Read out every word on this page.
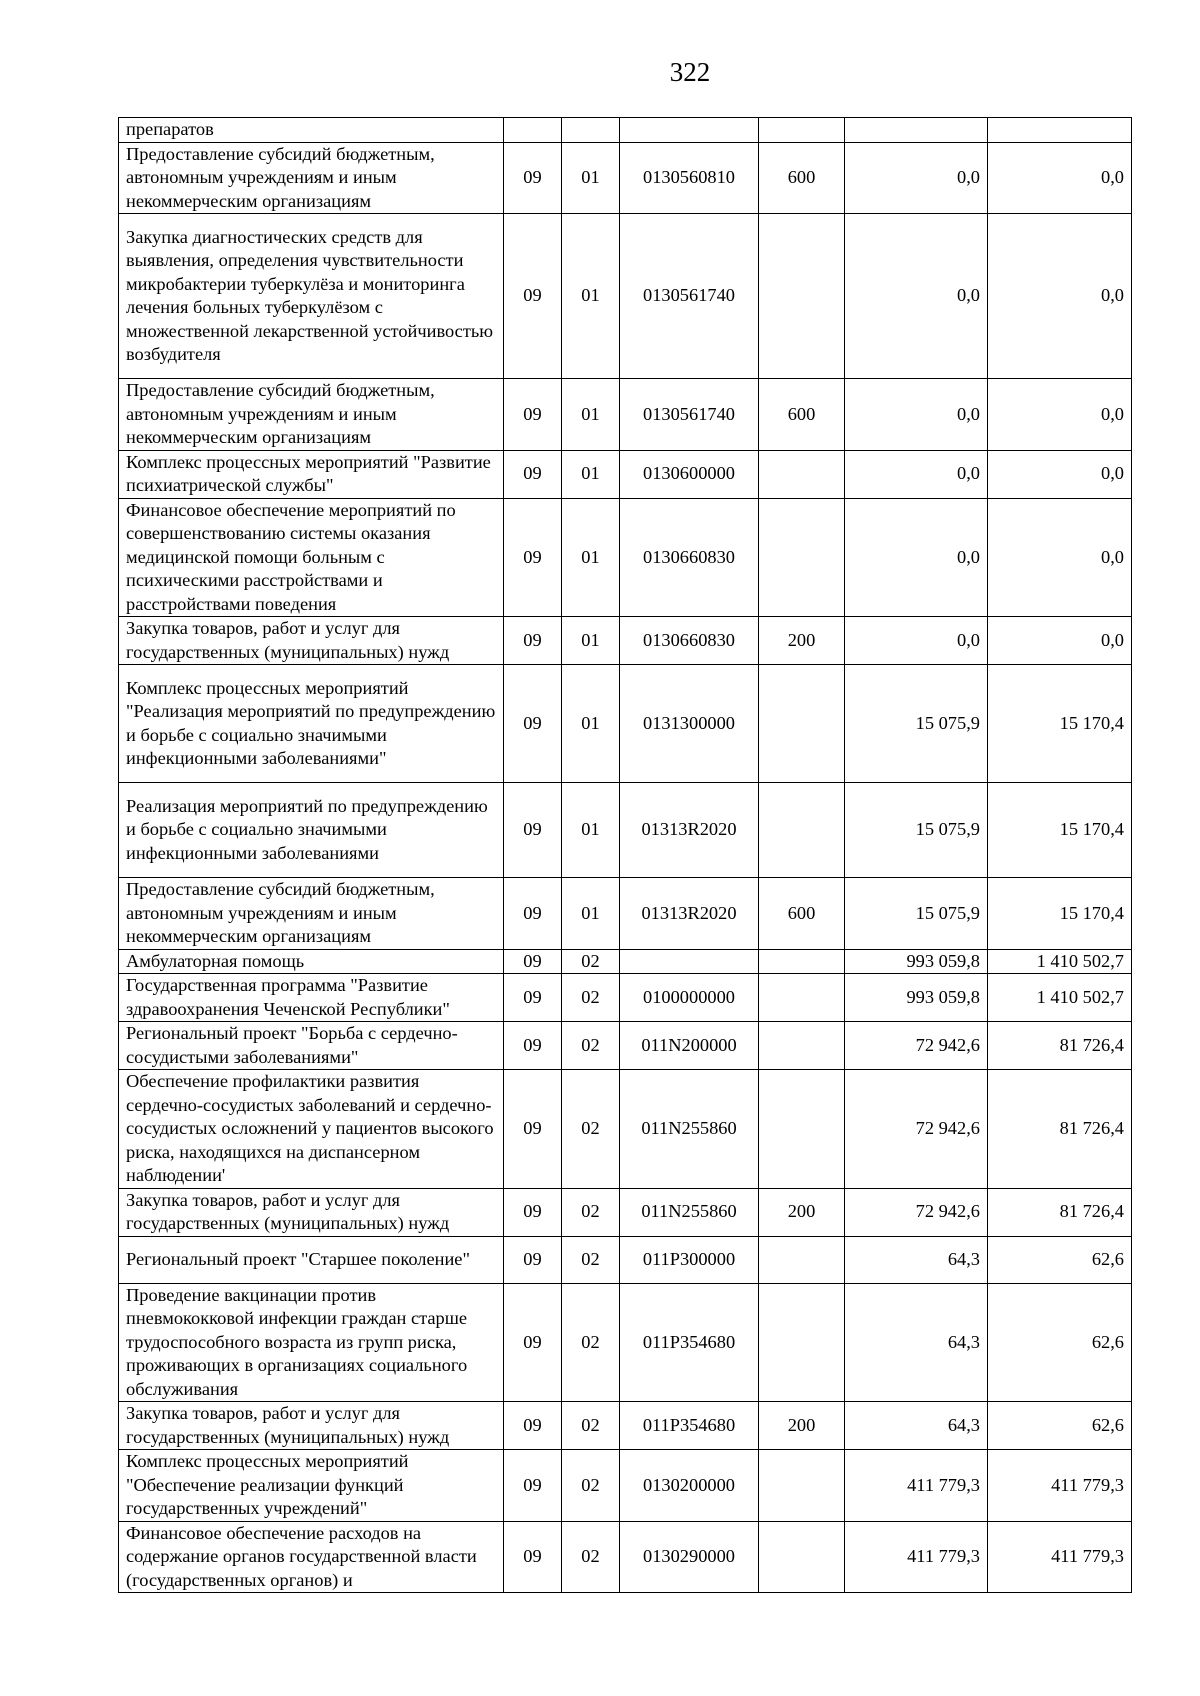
322
препаратов						
Предоставление субсидий бюджетным, автономным учреждениям и иным некоммерческим организациям	09	01	0130560810	600	0,0	0,0
Закупка диагностических средств для выявления, определения чувствительности микробактерии туберкулёза и мониторинга лечения больных туберкулёзом с множественной лекарственной устойчивостью возбудителя	09	01	0130561740		0,0	0,0
Предоставление субсидий бюджетным, автономным учреждениям и иным некоммерческим организациям	09	01	0130561740	600	0,0	0,0
Комплекс процессных мероприятий "Развитие психиатрической службы"	09	01	0130600000		0,0	0,0
Финансовое обеспечение мероприятий по совершенствованию системы оказания медицинской помощи больным с психическими расстройствами и расстройствами поведения	09	01	0130660830		0,0	0,0
Закупка товаров, работ и услуг для государственных (муниципальных) нужд	09	01	0130660830	200	0,0	0,0
Комплекс процессных мероприятий "Реализация мероприятий по предупреждению и борьбе с социально значимыми инфекционными заболеваниями"	09	01	0131300000		15 075,9	15 170,4
Реализация мероприятий по предупреждению и борьбе с социально значимыми инфекционными заболеваниями	09	01	01313R2020		15 075,9	15 170,4
Предоставление субсидий бюджетным, автономным учреждениям и иным некоммерческим организациям	09	01	01313R2020	600	15 075,9	15 170,4
Амбулаторная помощь	09	02			993 059,8	1 410 502,7
Государственная программа "Развитие здравоохранения Чеченской Республики"	09	02	0100000000		993 059,8	1 410 502,7
Региональный проект "Борьба с сердечно-сосудистыми заболеваниями"	09	02	011N200000		72 942,6	81 726,4
Обеспечение профилактики развития сердечно-сосудистых заболеваний и сердечно-сосудистых осложнений у пациентов высокого риска, находящихся на диспансерном наблюдении'	09	02	011N255860		72 942,6	81 726,4
Закупка товаров, работ и услуг для государственных (муниципальных) нужд	09	02	011N255860	200	72 942,6	81 726,4
Региональный проект "Старшее поколение"	09	02	011P300000		64,3	62,6
Проведение вакцинации против пневмококковой инфекции граждан старше трудоспособного возраста из групп риска, проживающих в организациях социального обслуживания	09	02	011P354680		64,3	62,6
Закупка товаров, работ и услуг для государственных (муниципальных) нужд	09	02	011P354680	200	64,3	62,6
Комплекс процессных мероприятий "Обеспечение реализации функций государственных учреждений"	09	02	0130200000		411 779,3	411 779,3
Финансовое обеспечение расходов на содержание органов государственной власти (государственных органов) и	09	02	0130290000		411 779,3	411 779,3
